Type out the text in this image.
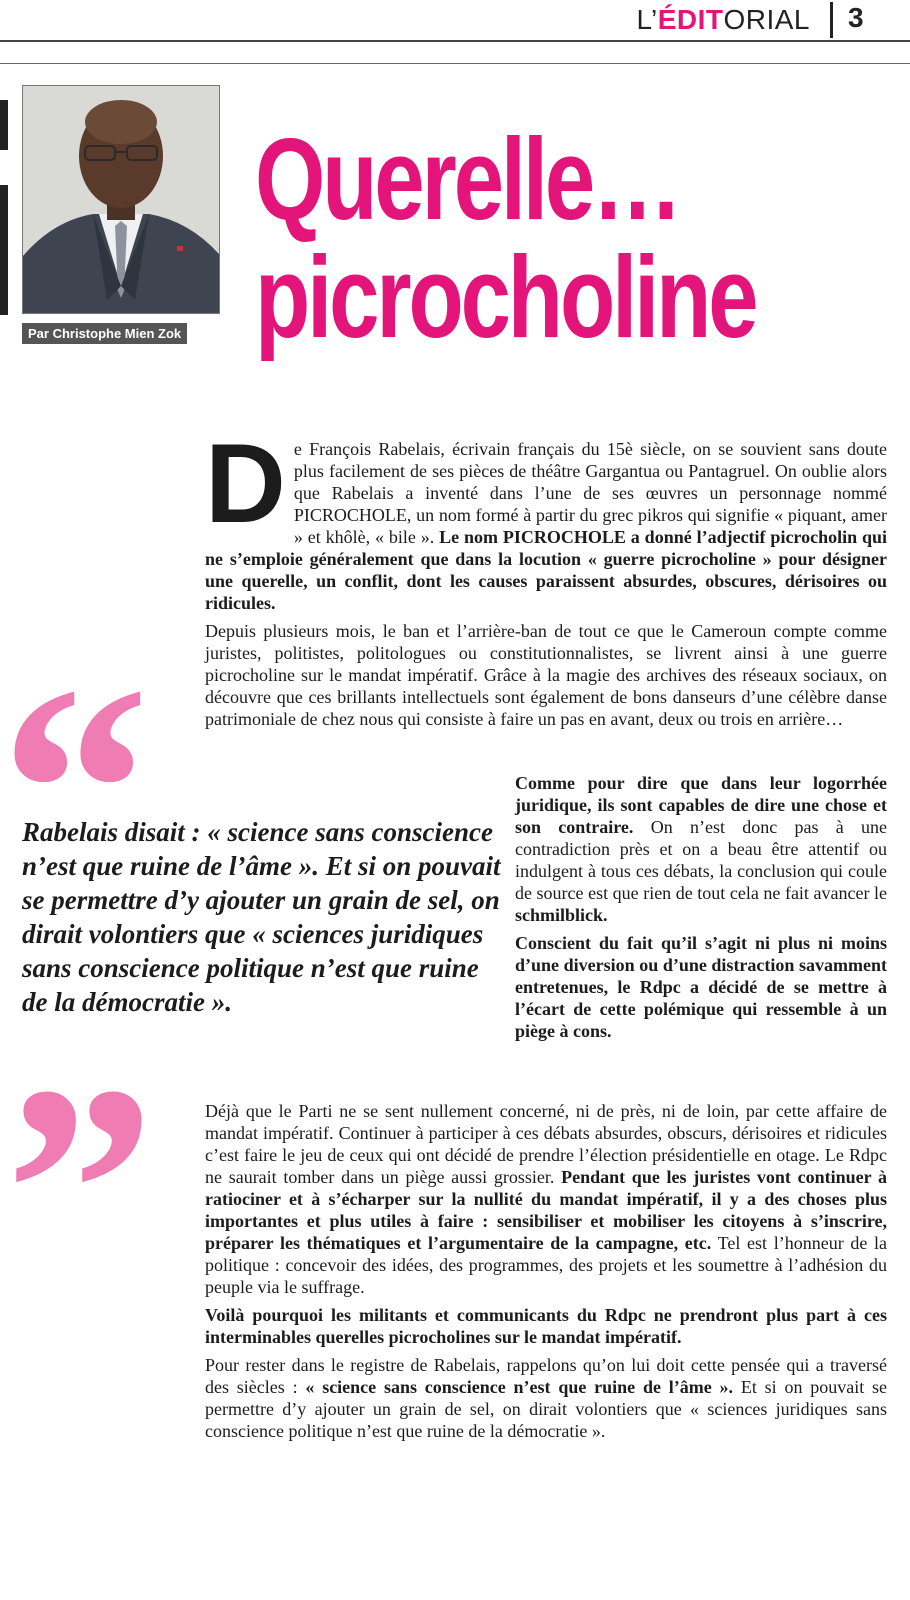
L’ÉDITORIAL 3
Par Christophe Mien Zok
Querelle…
picrocholine

De François Rabelais, écrivain français du 15è siècle, on se souvient sans doute plus facilement de ses pièces de théâtre Gargantua ou Pantagruel. On oublie alors que Rabelais a inventé dans l’une de ses œuvres un personnage nommé PICROCHOLE, un nom formé à partir du grec pikros qui signifie « piquant, amer » et khôlè, « bile ». Le nom PICROCHOLE a donné l’adjectif picrocholin qui ne s’emploie généralement que dans la locution « guerre picrocholine » pour désigner une querelle, un conflit, dont les causes paraissent absurdes, obscures, dérisoires ou ridicules.

Depuis plusieurs mois, le ban et l’arrière-ban de tout ce que le Cameroun compte comme juristes, politistes, politologues ou constitutionnalistes, se livrent ainsi à une guerre picrocholine sur le mandat impératif. Grâce à la magie des archives des réseaux sociaux, on découvre que ces brillants intellectuels sont également de bons danseurs d’une célèbre danse patrimoniale de chez nous qui consiste à faire un pas en avant, deux ou trois en arrière…

Comme pour dire que dans leur logorrhée juridique, ils sont capables de dire une chose et son contraire. On n’est donc pas à une contradiction près et on a beau être attentif ou indulgent à tous ces débats, la conclusion qui coule de source est que rien de tout cela ne fait avancer le schmilblick.

Conscient du fait qu’il s’agit ni plus ni moins d’une diversion ou d’une distraction savamment entretenues, le Rdpc a décidé de se mettre à l’écart de cette polémique qui ressemble à un piège à cons.

Déjà que le Parti ne se sent nullement concerné, ni de près, ni de loin, par cette affaire de mandat impératif. Continuer à participer à ces débats absurdes, obscurs, dérisoires et ridicules c’est faire le jeu de ceux qui ont décidé de prendre l’élection présidentielle en otage. Le Rdpc ne saurait tomber dans un piège aussi grossier. Pendant que les juristes vont continuer à ratiociner et à s’écharper sur la nullité du mandat impératif, il y a des choses plus importantes et plus utiles à faire : sensibiliser et mobiliser les citoyens à s’inscrire, préparer les thématiques et l’argumentaire de la campagne, etc. Tel est l’honneur de la politique : concevoir des idées, des programmes, des projets et les soumettre à l’adhésion du peuple via le suffrage.

Voilà pourquoi les militants et communicants du Rdpc ne prendront plus part à ces interminables querelles picrocholines sur le mandat impératif.

Pour rester dans le registre de Rabelais, rappelons qu’on lui doit cette pensée qui a traversé des siècles : « science sans conscience n’est que ruine de l’âme ». Et si on pouvait se permettre d’y ajouter un grain de sel, on dirait volontiers que « sciences juridiques sans conscience politique n’est que ruine de la démocratie ».

“
Rabelais disait : « science sans conscience n’est que ruine de l’âme ». Et si on pouvait se permettre d’y ajouter un grain de sel, on dirait volontiers que « sciences juridiques sans conscience politique n’est que ruine de la démocratie ».
”
